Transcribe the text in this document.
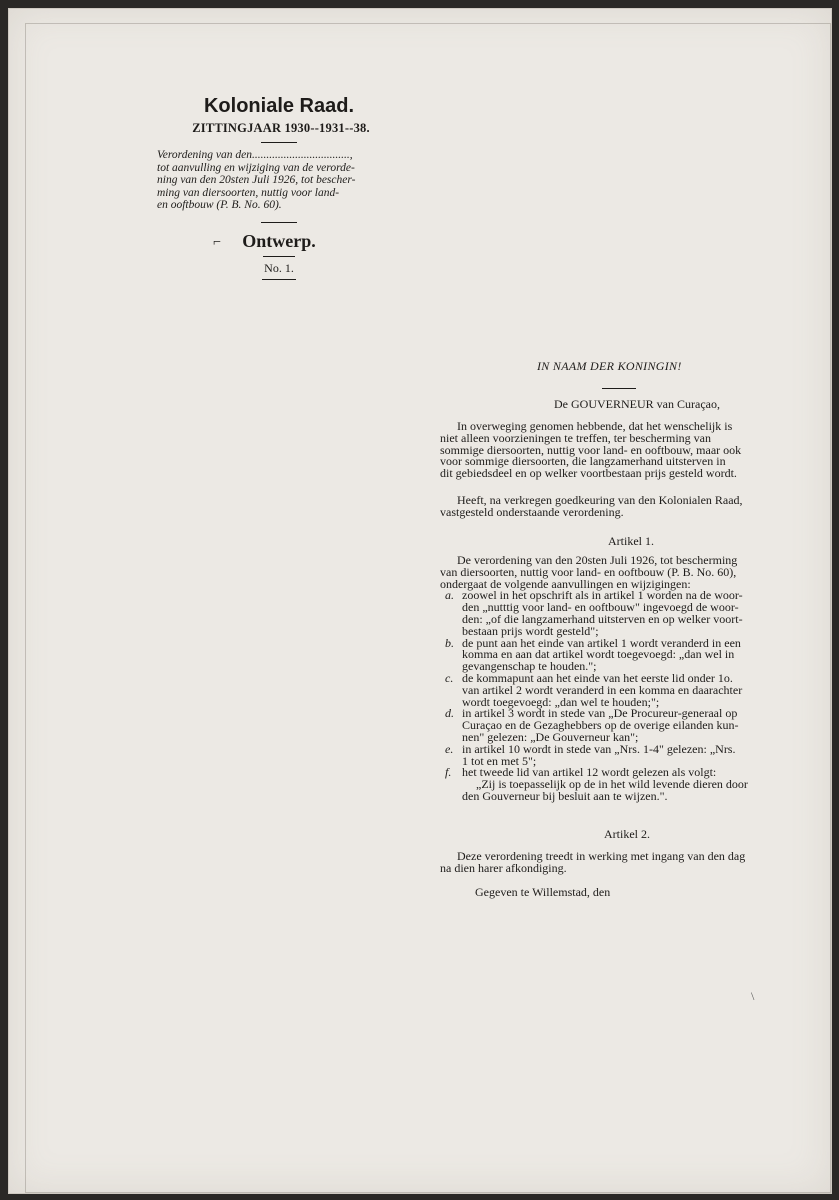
Koloniale Raad.
ZITTINGJAAR 1930--1931--38.
Verordening van den..................................,
tot aanvulling en wijziging van de verorde-
ning van den 20sten Juli 1926, tot bescher-
ming van diersoorten, nuttig voor land-
en ooftbouw (P. B. No. 60).
⌐	Ontwerp.
No. 1.
IN NAAM DER KONINGIN!
De GOUVERNEUR van Curaçao,
In overweging genomen hebbende, dat het wenschelijk is
niet alleen voorzieningen te treffen, ter bescherming van
sommige diersoorten, nuttig voor land- en ooftbouw, maar ook
voor sommige diersoorten, die langzamerhand uitsterven in
dit gebiedsdeel en op welker voortbestaan prijs gesteld wordt.
Heeft, na verkregen goedkeuring van den Kolonialen Raad,
vastgesteld onderstaande verordening.
Artikel 1.
De verordening van den 20sten Juli 1926, tot bescherming
van diersoorten, nuttig voor land- en ooftbouw (P. B. No. 60),
ondergaat de volgende aanvullingen en wijzigingen:
a. zoowel in het opschrift als in artikel 1 worden na de woor-
den „nutttig voor land- en ooftbouw" ingevoegd de woor-
den: „of die langzamerhand uitsterven en op welker voort-
bestaan prijs wordt gesteld";
b. de punt aan het einde van artikel 1 wordt veranderd in een
komma en aan dat artikel wordt toegevoegd: „dan wel in
gevangenschap te houden.";
c. de kommapunt aan het einde van het eerste lid onder 1o.
van artikel 2 wordt veranderd in een komma en daarachter
wordt toegevoegd: „dan wel te houden;";
d. in artikel 3 wordt in stede van „De Procureur-generaal op
Curaçao en de Gezaghebbers op de overige eilanden kun-
nen" gelezen: „De Gouverneur kan";
e. in artikel 10 wordt in stede van „Nrs. 1-4" gelezen: „Nrs.
1 tot en met 5";
f. het tweede lid van artikel 12 wordt gelezen als volgt:
„Zij is toepasselijk op de in het wild levende dieren door
den Gouverneur bij besluit aan te wijzen.".
Artikel 2.
Deze verordening treedt in werking met ingang van den dag
na dien harer afkondiging.
Gegeven te Willemstad, den
\
